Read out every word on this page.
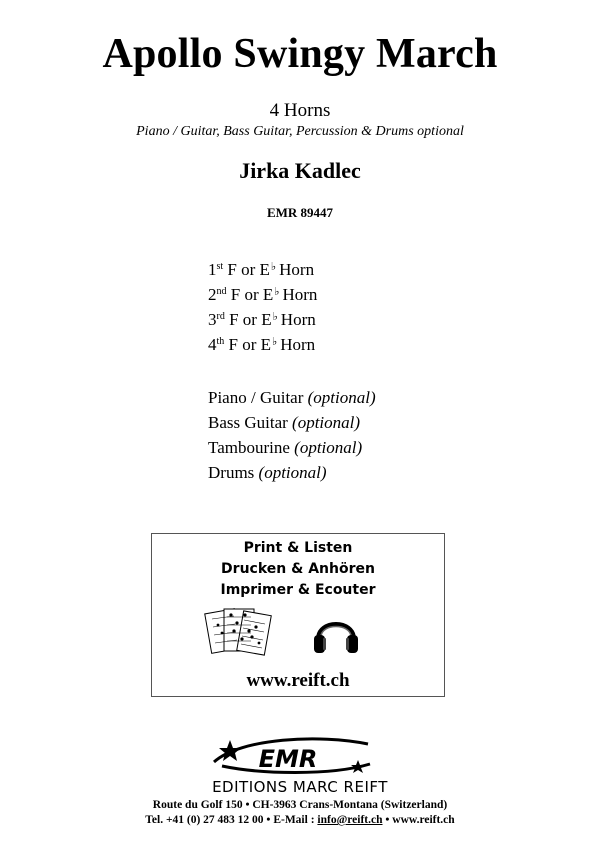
Apollo Swingy March
4 Horns
Piano / Guitar, Bass Guitar, Percussion & Drums optional
Jirka Kadlec
EMR 89447
1st F or E♭ Horn
2nd F or E♭ Horn
3rd F or E♭ Horn
4th F or E♭ Horn
Piano / Guitar (optional)
Bass Guitar (optional)
Tambourine (optional)
Drums (optional)
Print & Listen
Drucken & Anhören
Imprimer & Ecouter
www.reift.ch
EMR
EDITIONS MARC REIFT
Route du Golf 150 • CH-3963 Crans-Montana (Switzerland)
Tel. +41 (0) 27 483 12 00 • E-Mail : info@reift.ch • www.reift.ch
